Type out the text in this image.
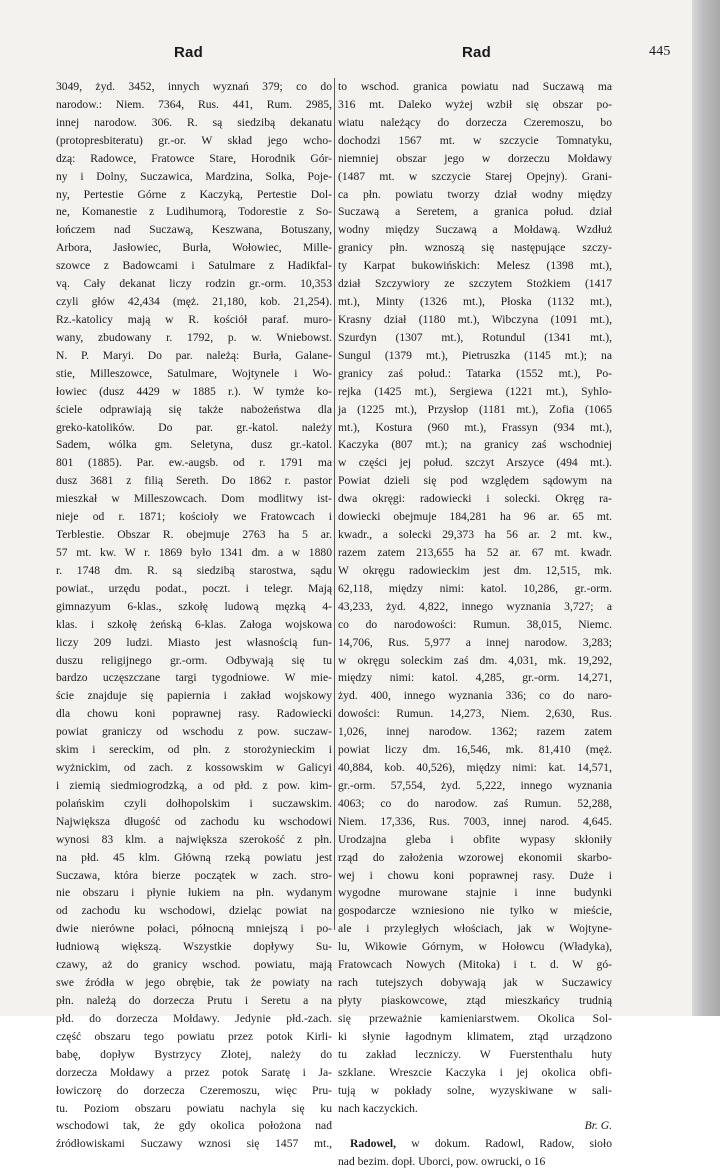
Rad	Rad	445
3049, żyd. 3452, innych wyznań 379; co do
narodow.: Niem. 7364, Rus. 441, Rum. 2985,
innej narodow. 306. R. są siedzibą dekanatu
(protopresbiteratu) gr.-or. W skład jego wcho-
dzą: Radowce, Fratowce Stare, Horodnik Gór-
ny i Dolny, Suczawica, Mardzina, Solka, Poje-
ny, Pertestie Górne z Kaczyką, Pertestie Dol-
ne, Komanestie z Ludihumorą, Todorestie z So-
łończem nad Suczawą, Keszwana, Botuszany,
Arbora, Jasłowiec, Burła, Wołowiec, Mille-
szowce z Badowcami i Satulmare z Hadikfal-
vą. Cały dekanat liczy rodzin gr.-orm. 10,353
czyli głów 42,434 (męż. 21,180, kob. 21,254).
Rz.-katolicy mają w R. kościół paraf. muro-
wany, zbudowany r. 1792, p. w. Wniebowst.
N. P. Maryi. Do par. należą: Burła, Galane-
stie, Milleszowce, Satulmare, Wojtynele i Wo-
łowiec (dusz 4429 w 1885 r.). W tymże ko-
ściele odprawiają się także nabożeństwa dla
greko-katolików. Do par. gr.-katol. należy
Sadem, wólka gm. Seletyna, dusz gr.-katol.
801 (1885). Par. ew.-augsb. od r. 1791 ma
dusz 3681 z filią Sereth. Do 1862 r. pastor
mieszkał w Milleszowcach. Dom modlitwy ist-
nieje od r. 1871; kościoły we Fratowcach i
Terblestie. Obszar R. obejmuje 2763 ha 5 ar.
57 mt. kw. W r. 1869 było 1341 dm. a w 1880
r. 1748 dm. R. są siedzibą starostwa, sądu
powiat., urzędu podat., poczt. i telegr. Mają
gimnazyum 6-klas., szkołę ludową męzką 4-
klas. i szkołę żeńską 6-klas. Załoga wojskowa
liczy 209 ludzi. Miasto jest własnością fun-
duszu religijnego gr.-orm. Odbywają się tu
bardzo uczęszczane targi tygodniowe. W mie-
ście znajduje się papiernia i zakład wojskowy
dla chowu koni poprawnej rasy. Radowiecki
powiat graniczy od wschodu z pow. suczaw-
skim i sereckim, od płn. z storożynieckim i
wyżnickim, od zach. z kossowskim w Galicyi
i ziemią siedmiogrodzką, a od płd. z pow. kim-
polańskim czyli dołhopolskim i suczawskim.
Największa długość od zachodu ku wschodowi
wynosi 83 klm. a największa szerokość z płn.
na płd. 45 klm. Główną rzeką powiatu jest
Suczawa, która bierze początek w zach. stro-
nie obszaru i płynie łukiem na płn. wydanym
od zachodu ku wschodowi, dzieląc powiat na
dwie nierówne połaci, północną mniejszą i po-
łudniową większą. Wszystkie dopływy Su-
czawy, aż do granicy wschod. powiatu, mają
swe źródła w jego obrębie, tak że powiaty na
płn. należą do dorzecza Prutu i Seretu a na
płd. do dorzecza Mołdawy. Jedynie płd.-zach.
część obszaru tego powiatu przez potok Kirli-
babę, dopływ Bystrzycy Złotej, należy do
dorzecza Mołdawy a przez potok Saratę i Ja-
łowiczorę do dorzecza Czeremoszu, więc Pru-
tu. Poziom obszaru powiatu nachyla się ku
wschodowi tak, że gdy okolica położona nad
źródłowiskami Suczawy wznosi się 1457 mt.,
to wschod. granica powiatu nad Suczawą ma
316 mt. Daleko wyżej wzbił się obszar po-
wiatu należący do dorzecza Czeremoszu, bo
dochodzi 1567 mt. w szczycie Tomnatyku,
niemniej obszar jego w dorzeczu Mołdawy
(1487 mt. w szczycie Starej Opejny). Grani-
ca płn. powiatu tworzy dział wodny między
Suczawą a Seretem, a granica połud. dział
wodny między Suczawą a Mołdawą. Wzdłuż
granicy płn. wznoszą się następujące szczy-
ty Karpat bukowińskich: Melesz (1398 mt.),
dział Szczywiory ze szczytem Stożkiem (1417
mt.), Minty (1326 mt.), Płoska (1132 mt.),
Krasny dział (1180 mt.), Wibczyna (1091 mt.),
Szurdyn (1307 mt.), Rotundul (1341 mt.),
Sungul (1379 mt.), Pietruszka (1145 mt.); na
granicy zaś połud.: Tatarka (1552 mt.), Po-
rejka (1425 mt.), Sergiewa (1221 mt.), Syhlo-
ja (1225 mt.), Przysłop (1181 mt.), Zofia (1065
mt.), Kostura (960 mt.), Frassyn (934 mt.),
Kaczyka (807 mt.); na granicy zaś wschodniej
w części jej połud. szczyt Arszyce (494 mt.).
Powiat dzieli się pod względem sądowym na
dwa okręgi: radowiecki i solecki. Okręg ra-
dowiecki obejmuje 184,281 ha 96 ar. 65 mt.
kwadr., a solecki 29,373 ha 56 ar. 2 mt. kw.,
razem zatem 213,655 ha 52 ar. 67 mt. kwadr.
W okręgu radowieckim jest dm. 12,515, mk.
62,118, między nimi: katol. 10,286, gr.-orm.
43,233, żyd. 4,822, innego wyznania 3,727; a
co do narodowości: Rumun. 38,015, Niemc.
14,706, Rus. 5,977 a innej narodow. 3,283;
w okręgu soleckim zaś dm. 4,031, mk. 19,292,
między nimi: katol. 4,285, gr.-orm. 14,271,
żyd. 400, innego wyznania 336; co do naro-
dowości: Rumun. 14,273, Niem. 2,630, Rus.
1,026, innej narodow. 1362; razem zatem
powiat liczy dm. 16,546, mk. 81,410 (męż.
40,884, kob. 40,526), między nimi: kat. 14,571,
gr.-orm. 57,554, żyd. 5,222, innego wyznania
4063; co do narodow. zaś Rumun. 52,288,
Niem. 17,336, Rus. 7003, innej narod. 4,645.
Urodzajna gleba i obfite wypasy skłoniły
rząd do założenia wzorowej ekonomii skarbo-
wej i chowu koni poprawnej rasy. Duże i
wygodne murowane stajnie i inne budynki
gospodarcze wzniesiono nie tylko w mieście,
ale i przyległych włościach, jak w Wojtyne-
lu, Wikowie Górnym, w Hołowcu (Władyka),
Fratowcach Nowych (Mitoka) i t. d. W gó-
rach tutejszych dobywają jak w Suczawicy
płyty piaskowcowe, ztąd mieszkańcy trudnią
się przeważnie kamieniarstwem. Okolica Sol-
ki słynie łagodnym klimatem, ztąd urządzono
tu zakład leczniczy. W Fuerstenthalu huty
szklane. Wreszcie Kaczyka i jej okolica obfi-
tują w pokłady solne, wyzyskiwane w sali-
nach kaczyckich.
Br. G.
Radowel, w dokum. Radowl, Radow, sioło
nad bezim. dopł. Uborci, pow. owrucki, o 16
